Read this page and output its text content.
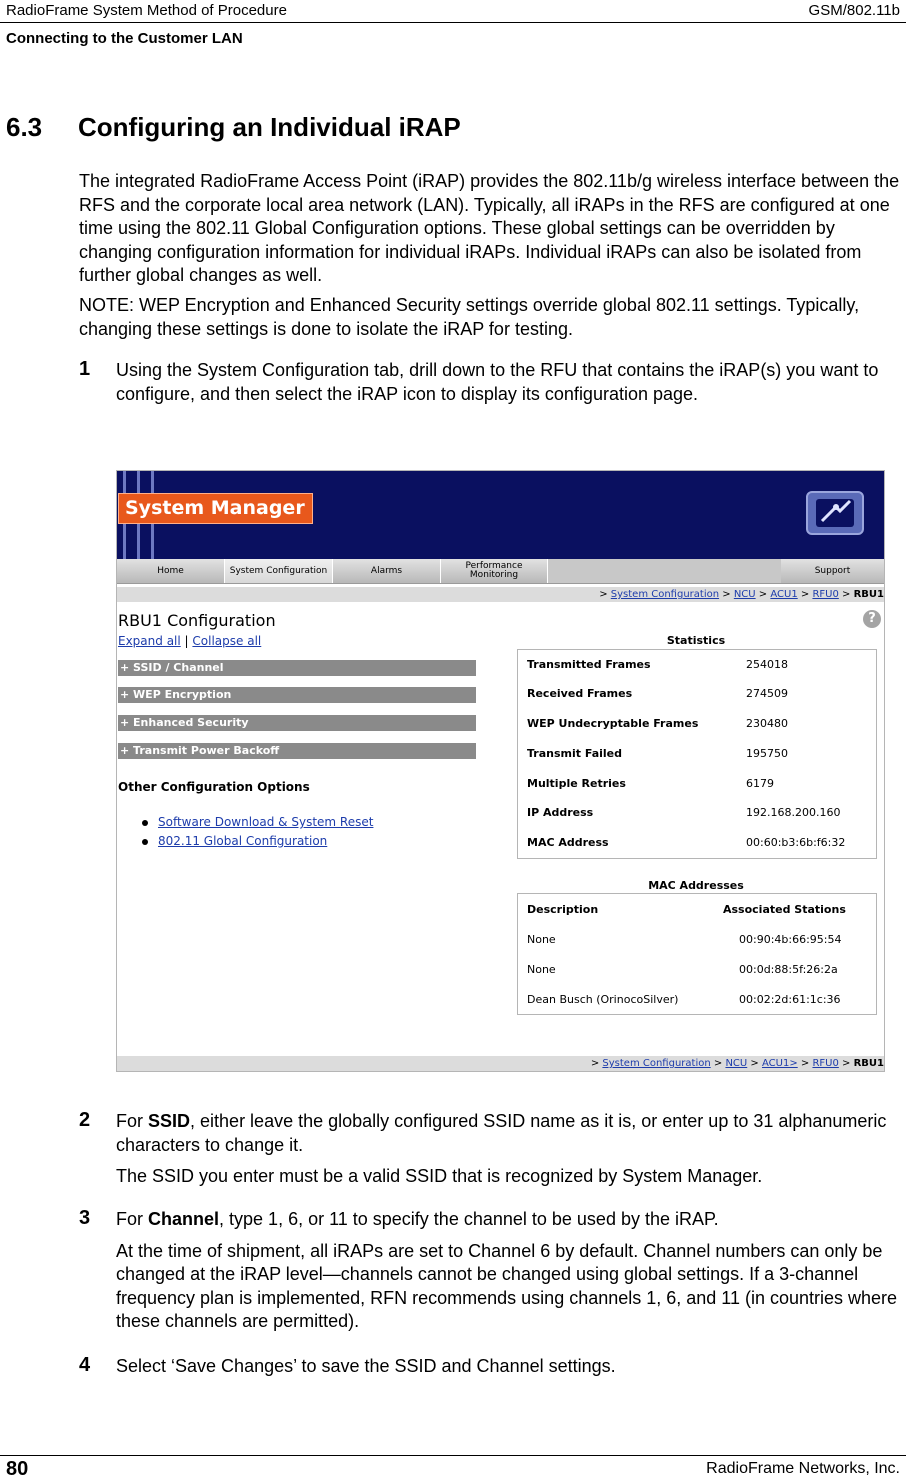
RadioFrame System Method of Procedure	GSM/802.11b
Connecting to the Customer LAN
6.3 Configuring an Individual iRAP

The integrated RadioFrame Access Point (iRAP) provides the 802.11b/g wireless interface between the RFS and the corporate local area network (LAN). Typically, all iRAPs in the RFS are configured at one time using the 802.11 Global Configuration options. These global settings can be overridden by changing configuration information for individual iRAPs. Individual iRAPs can also be isolated from further global changes as well.

NOTE: WEP Encryption and Enhanced Security settings override global 802.11 settings. Typically, changing these settings is done to isolate the iRAP for testing.

1 Using the System Configuration tab, drill down to the RFU that contains the iRAP(s) you want to configure, and then select the iRAP icon to display its configuration page.
System Manager
Home	System Configuration	Alarms	Performance Monitoring	Support
> System Configuration > NCU > ACU1 > RFU0 > RBU1
RBU1 Configuration	?
Expand all | Collapse all
+ SSID / Channel
+ WEP Encryption
+ Enhanced Security
+ Transmit Power Backoff
Other Configuration Options
Software Download & System Reset
802.11 Global Configuration
Statistics
Transmitted Frames	254018
Received Frames	274509
WEP Undecryptable Frames	230480
Transmit Failed	195750
Multiple Retries	6179
IP Address	192.168.200.160
MAC Address	00:60:b3:6b:f6:32
MAC Addresses
Description	Associated Stations
None	00:90:4b:66:95:54
None	00:0d:88:5f:26:2a
Dean Busch (OrinocoSilver)	00:02:2d:61:1c:36
> System Configuration > NCU > ACU1> > RFU0 > RBU1
2 For SSID, either leave the globally configured SSID name as it is, or enter up to 31 alphanumeric characters to change it.
The SSID you enter must be a valid SSID that is recognized by System Manager.
3 For Channel, type 1, 6, or 11 to specify the channel to be used by the iRAP.
At the time of shipment, all iRAPs are set to Channel 6 by default. Channel numbers can only be changed at the iRAP level—channels cannot be changed using global settings. If a 3-channel frequency plan is implemented, RFN recommends using channels 1, 6, and 11 (in countries where these channels are permitted).
4 Select ‘Save Changes’ to save the SSID and Channel settings.
80	RadioFrame Networks, Inc.
